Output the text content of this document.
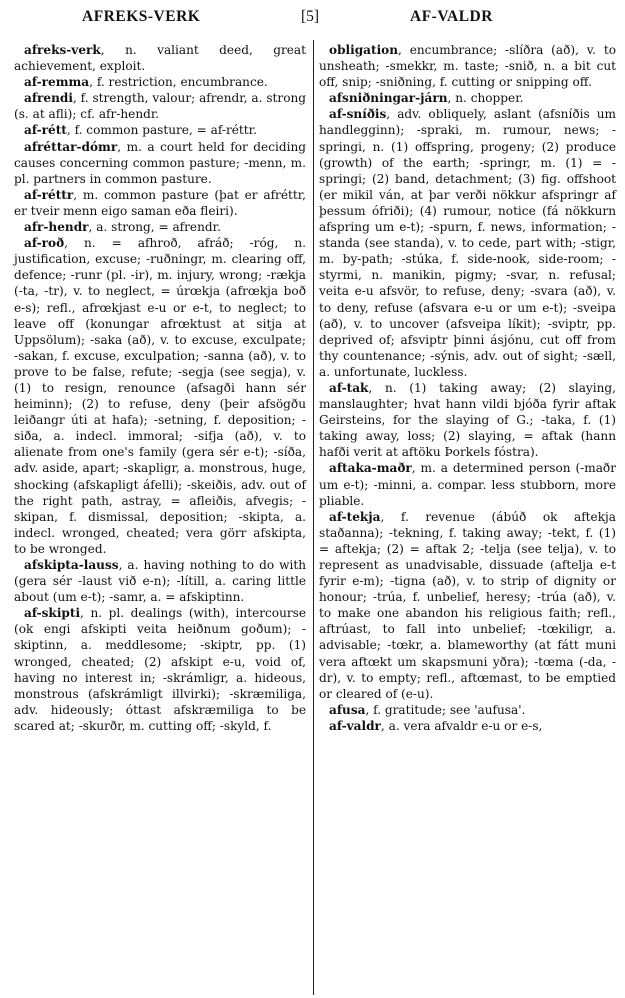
AFREKS-VERK	[5]	AF-VALDR

afreks-verk, n. valiant deed, great achievement, exploit.

af-remma, f. restriction, encumbrance.

afrendi, f. strength, valour; afrendr, a. strong (s. at afli); cf. afr-hendr.

af-rétt, f. common pasture, = af-réttr.

afréttar-dómr, m. a court held for deciding causes concerning common pasture; -menn, m. pl. partners in common pasture.

af-réttr, m. common pasture (þat er afréttr, er tveir menn eigo saman eða fleiri).

afr-hendr, a. strong, = afrendr.

af-roð, n. = afhroð, afráð; -róg, n. justification, excuse; -ruðningr, m. clearing off, defence; -runr (pl. -ir), m. injury, wrong; -rækja (-ta, -tr), v. to neglect, = úrœkja (afrœkja boð e-s); refl., afrœkjast e-u or e-t, to neglect; to leave off (konungar afrœktust at sitja at Uppsölum); -saka (að), v. to excuse, exculpate; -sakan, f. excuse, exculpation; -sanna (að), v. to prove to be false, refute; -segja (see segja), v. (1) to resign, renounce (afsagði hann sér heiminn); (2) to refuse, deny (þeir afsögðu leiðangr úti at hafa); -setning, f. deposition; -siða, a. indecl. immoral; -sifja (að), v. to alienate from one's family (gera sér e-t); -síða, adv. aside, apart; -skapligr, a. monstrous, huge, shocking (afskapligt áfelli); -skeiðis, adv. out of the right path, astray, = afleiðis, afvegis; -skipan, f. dismissal, deposition; -skipta, a. indecl. wronged, cheated; vera görr afskipta, to be wronged.

afskipta-lauss, a. having nothing to do with (gera sér -laust við e-n); -lítill, a. caring little about (um e-t); -samr, a. = afskiptinn.

af-skipti, n. pl. dealings (with), intercourse (ok engi afskipti veita heiðnum goðum); -skiptinn, a. meddlesome; -skiptr, pp. (1) wronged, cheated; (2) afskipt e-u, void of, having no interest in; -skrámligr, a. hideous, monstrous (afskrámligt illvirki); -skræmiliga, adv. hideously; óttast afskræmiliga to be scared at; -skurðr, m. cutting off; -skyld, f.

obligation, encumbrance; -slíðra (að), v. to unsheath; -smekkr, m. taste; -snið, n. a bit cut off, snip; -sniðning, f. cutting or snipping off.

afsniðningar-járn, n. chopper.

af-sníðis, adv. obliquely, aslant (afsníðis um handlegginn); -spraki, m. rumour, news; -springi, n. (1) offspring, progeny; (2) produce (growth) of the earth; -springr, m. (1) = -springi; (2) band, detachment; (3) fig. offshoot (er mikil ván, at þar verði nökkur afspringr af þessum ófriði); (4) rumour, notice (fá nökkurn afspring um e-t); -spurn, f. news, information; -standa (see standa), v. to cede, part with; -stigr, m. by-path; -stúka, f. side-nook, side-room; -styrmi, n. manikin, pigmy; -svar, n. refusal; veita e-u afsvör, to refuse, deny; -svara (að), v. to deny, refuse (afsvara e-u or um e-t); -sveipa (að), v. to uncover (afsveipa líkit); -sviptr, pp. deprived of; afsviptr þinni ásjónu, cut off from thy countenance; -sýnis, adv. out of sight; -sæll, a. unfortunate, luckless.

af-tak, n. (1) taking away; (2) slaying, manslaughter; hvat hann vildi bjóða fyrir aftak Geirsteins, for the slaying of G.; -taka, f. (1) taking away, loss; (2) slaying, = aftak (hann hafði verit at aftöku Þorkels fóstra).

aftaka-maðr, m. a determined person (-maðr um e-t); -minni, a. compar. less stubborn, more pliable.

af-tekja, f. revenue (ábúð ok aftekja staðanna); -tekning, f. taking away; -tekt, f. (1) = aftekja; (2) = aftak 2; -telja (see telja), v. to represent as unadvisable, dissuade (aftelja e-t fyrir e-m); -tigna (að), v. to strip of dignity or honour; -trúa, f. unbelief, heresy; -trúa (að), v. to make one abandon his religious faith; refl., aftrúast, to fall into unbelief; -tœkiligr, a. advisable; -tœkr, a. blameworthy (at fátt muni vera aftœkt um skapsmuni yðra); -tœma (-da, -dr), v. to empty; refl., aftœmast, to be emptied or cleared of (e-u).

afusa, f. gratitude; see 'aufusa'.

af-valdr, a. vera afvaldr e-u or e-s,
